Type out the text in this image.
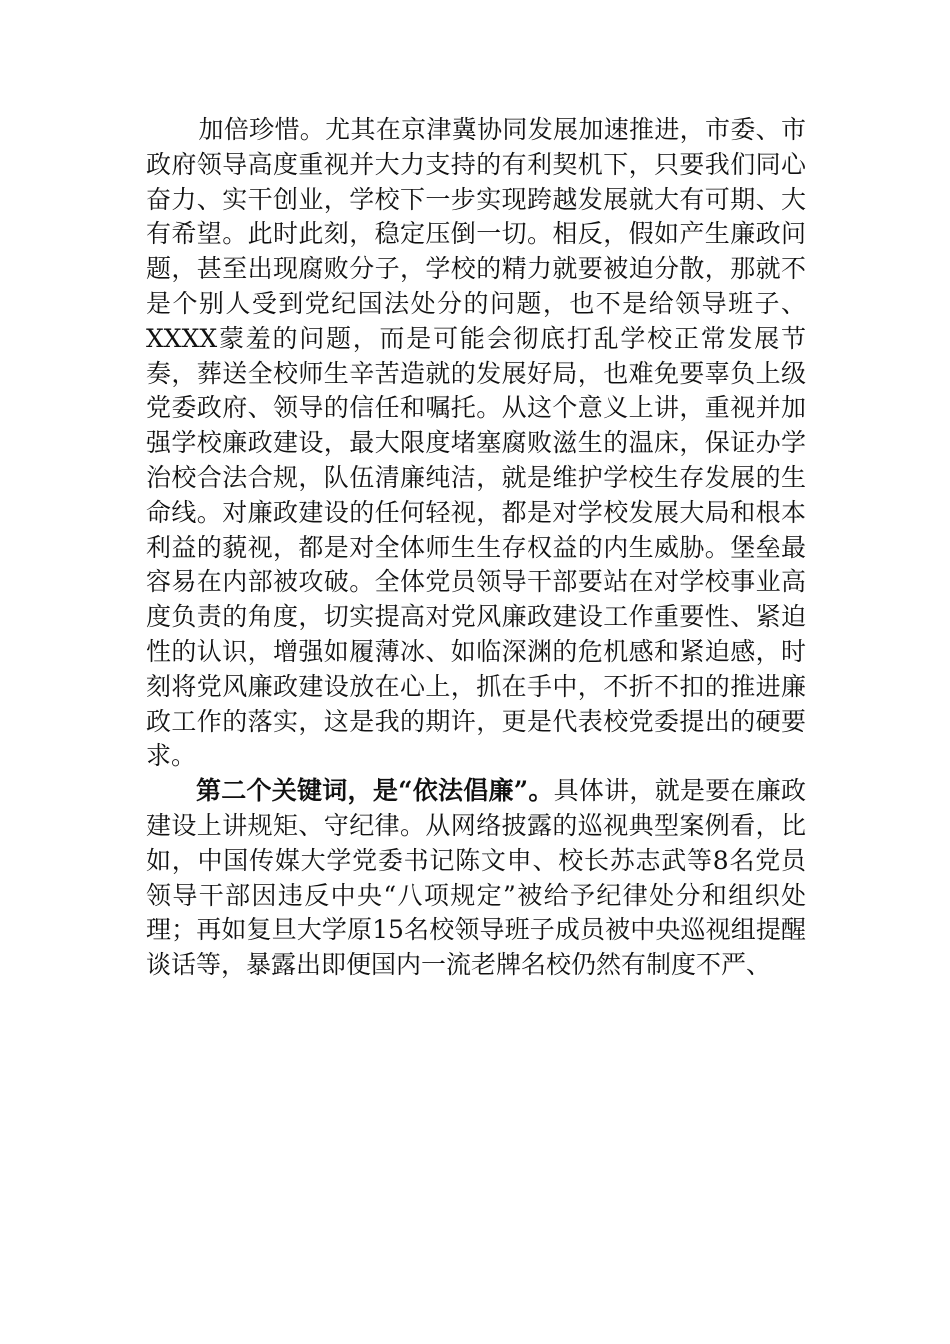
加倍珍惜。尤其在京津冀协同发展加速推进，市委、市政府领导高度重视并大力支持的有利契机下，只要我们同心奋力、实干创业，学校下一步实现跨越发展就大有可期、大有希望。此时此刻，稳定压倒一切。相反，假如产生廉政问题，甚至出现腐败分子，学校的精力就要被迫分散，那就不是个别人受到党纪国法处分的问题，也不是给领导班子、XXXX蒙羞的问题，而是可能会彻底打乱学校正常发展节奏，葬送全校师生辛苦造就的发展好局，也难免要辜负上级党委政府、领导的信任和嘱托。从这个意义上讲，重视并加强学校廉政建设，最大限度堵塞腐败滋生的温床，保证办学治校合法合规，队伍清廉纯洁，就是维护学校生存发展的生命线。对廉政建设的任何轻视，都是对学校发展大局和根本利益的藐视，都是对全体师生生存权益的内生威胁。堡垒最容易在内部被攻破。全体党员领导干部要站在对学校事业高度负责的角度，切实提高对党风廉政建设工作重要性、紧迫性的认识，增强如履薄冰、如临深渊的危机感和紧迫感，时刻将党风廉政建设放在心上，抓在手中，不折不扣的推进廉政工作的落实，这是我的期许，更是代表校党委提出的硬要求。

第二个关键词，是“依法倡廉”。具体讲，就是要在廉政建设上讲规矩、守纪律。从网络披露的巡视典型案例看，比如，中国传媒大学党委书记陈文申、校长苏志武等8名党员领导干部因违反中央“八项规定”被给予纪律处分和组织处理；再如复旦大学原15名校领导班子成员被中央巡视组提醒谈话等，暴露出即便国内一流老牌名校仍然有制度不严、
